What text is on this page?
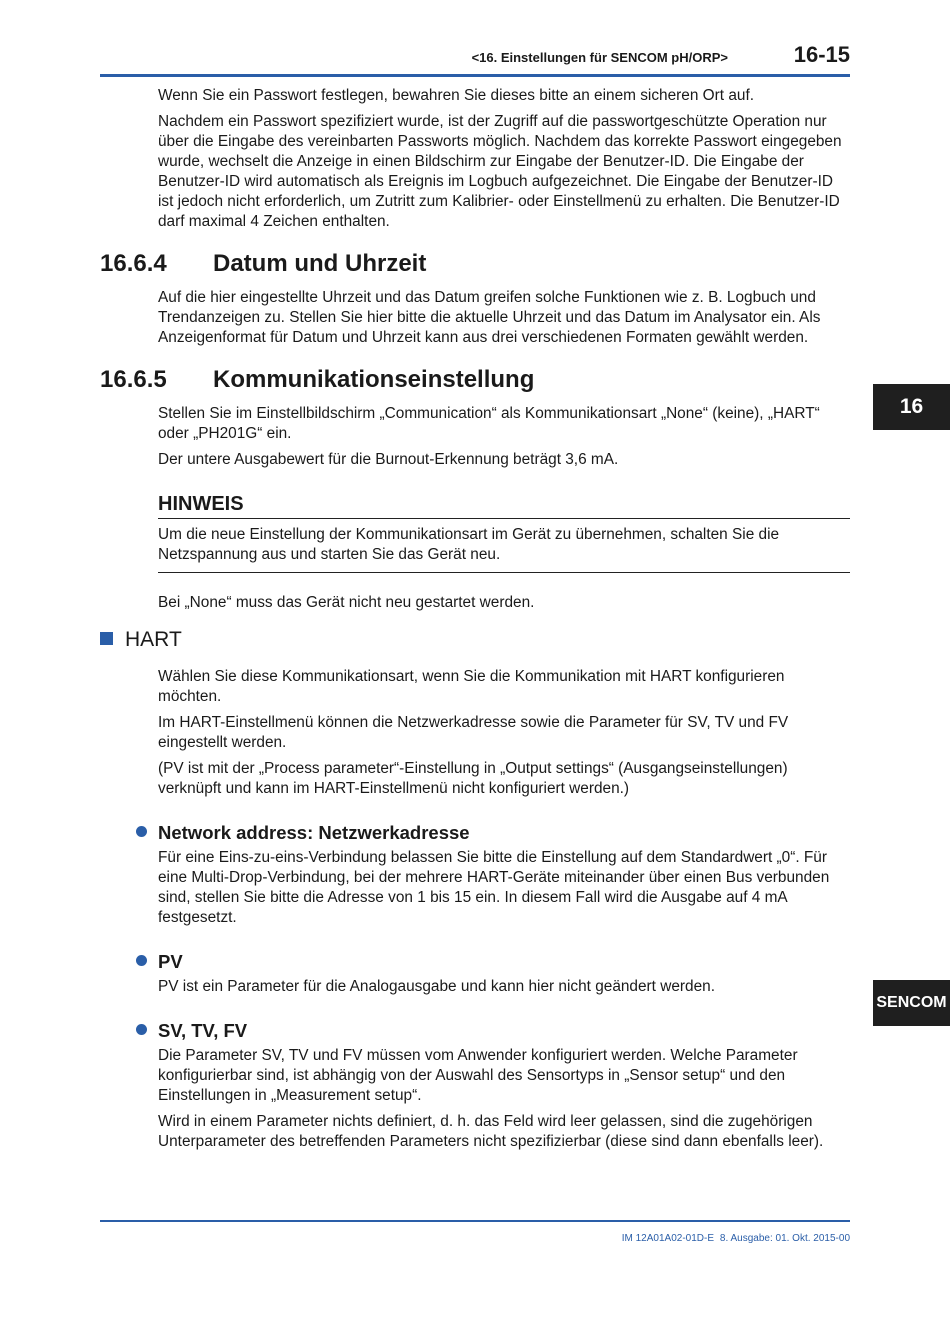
<16. Einstellungen für SENCOM pH/ORP>	16-15

Wenn Sie ein Passwort festlegen, bewahren Sie dieses bitte an einem sicheren Ort auf.

Nachdem ein Passwort spezifiziert wurde, ist der Zugriff auf die passwortgeschützte Operation nur über die Eingabe des vereinbarten Passworts möglich. Nachdem das korrekte Passwort eingegeben wurde, wechselt die Anzeige in einen Bildschirm zur Eingabe der Benutzer-ID. Die Eingabe der Benutzer-ID wird automatisch als Ereignis im Logbuch aufgezeichnet. Die Eingabe der Benutzer-ID ist jedoch nicht erforderlich, um Zutritt zum Kalibrier- oder Einstellmenü zu erhalten. Die Benutzer-ID darf maximal 4 Zeichen enthalten.

16.6.4 Datum und Uhrzeit

Auf die hier eingestellte Uhrzeit und das Datum greifen solche Funktionen wie z. B. Logbuch und Trendanzeigen zu. Stellen Sie hier bitte die aktuelle Uhrzeit und das Datum im Analysator ein. Als Anzeigenformat für Datum und Uhrzeit kann aus drei verschiedenen Formaten gewählt werden.

16.6.5 Kommunikationseinstellung

Stellen Sie im Einstellbildschirm „Communication“ als Kommunikationsart „None“ (keine), „HART“ oder „PH201G“ ein.

Der untere Ausgabewert für die Burnout-Erkennung beträgt 3,6 mA.

HINWEIS

Um die neue Einstellung der Kommunikationsart im Gerät zu übernehmen, schalten Sie die Netzspannung aus und starten Sie das Gerät neu.

Bei „None“ muss das Gerät nicht neu gestartet werden.

HART

Wählen Sie diese Kommunikationsart, wenn Sie die Kommunikation mit HART konfigurieren möchten.

Im HART-Einstellmenü können die Netzwerkadresse sowie die Parameter für SV, TV und FV eingestellt werden.

(PV ist mit der „Process parameter“-Einstellung in „Output settings“ (Ausgangseinstellungen) verknüpft und kann im HART-Einstellmenü nicht konfiguriert werden.)

Network address: Netzwerkadresse

Für eine Eins-zu-eins-Verbindung belassen Sie bitte die Einstellung auf dem Standardwert „0“. Für eine Multi-Drop-Verbindung, bei der mehrere HART-Geräte miteinander über einen Bus verbunden sind, stellen Sie bitte die Adresse von 1 bis 15 ein. In diesem Fall wird die Ausgabe auf 4 mA festgesetzt.

PV

PV ist ein Parameter für die Analogausgabe und kann hier nicht geändert werden.

SV, TV, FV

Die Parameter SV, TV und FV müssen vom Anwender konfiguriert werden. Welche Parameter konfigurierbar sind, ist abhängig von der Auswahl des Sensortyps in „Sensor setup“ und den Einstellungen in „Measurement setup“.

Wird in einem Parameter nichts definiert, d. h. das Feld wird leer gelassen, sind die zugehörigen Unterparameter des betreffenden Parameters nicht spezifizierbar (diese sind dann ebenfalls leer).

16
SENCOM
IM 12A01A02-01D-E 8. Ausgabe: 01. Okt. 2015-00
